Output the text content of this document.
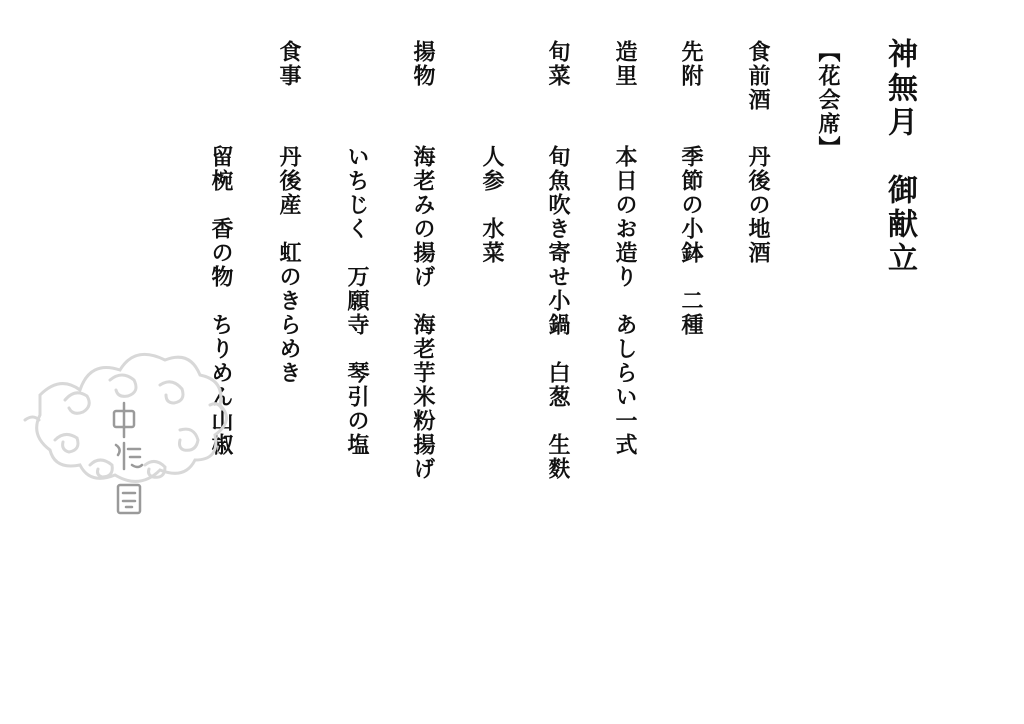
神無月　御献立
【花会席】
食前酒
丹後の地酒
先附
季節の小鉢　二種
造里
本日のお造り　あしらい一式
旬菜
旬魚吹き寄せ小鍋　白葱　生麩
人参　水菜
揚物
海老みの揚げ　海老芋米粉揚げ
いちじく　万願寺　琴引の塩
食事
丹後産　虹のきらめき
留椀　香の物　ちりめん山椒
